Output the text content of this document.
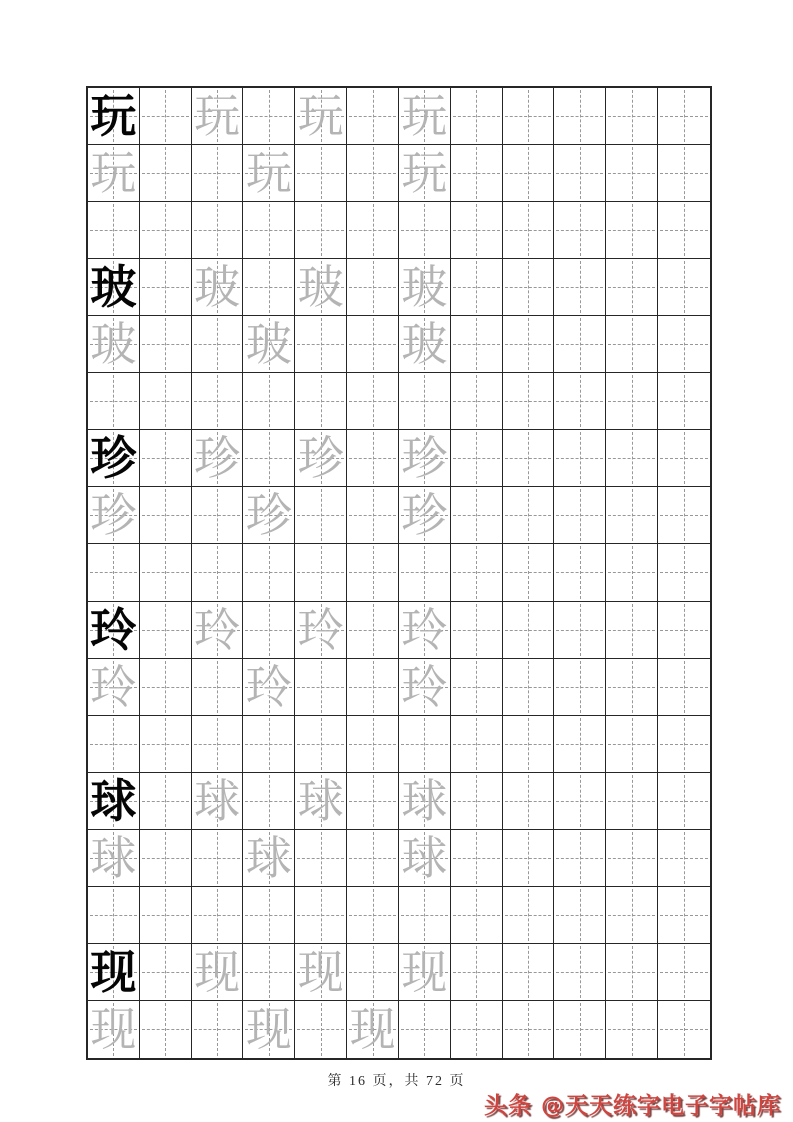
玩 玩 玩 玩
玩 玩 玩
玻 玻 玻 玻
玻 玻 玻
珍 珍 珍 珍
珍 珍 珍
玲 玲 玲 玲
玲 玲 玲
球 球 球 球
球 球 球
现 现 现 现
现 现 现
第 16 页，共 72 页
头条 @天天练字电子字帖库
